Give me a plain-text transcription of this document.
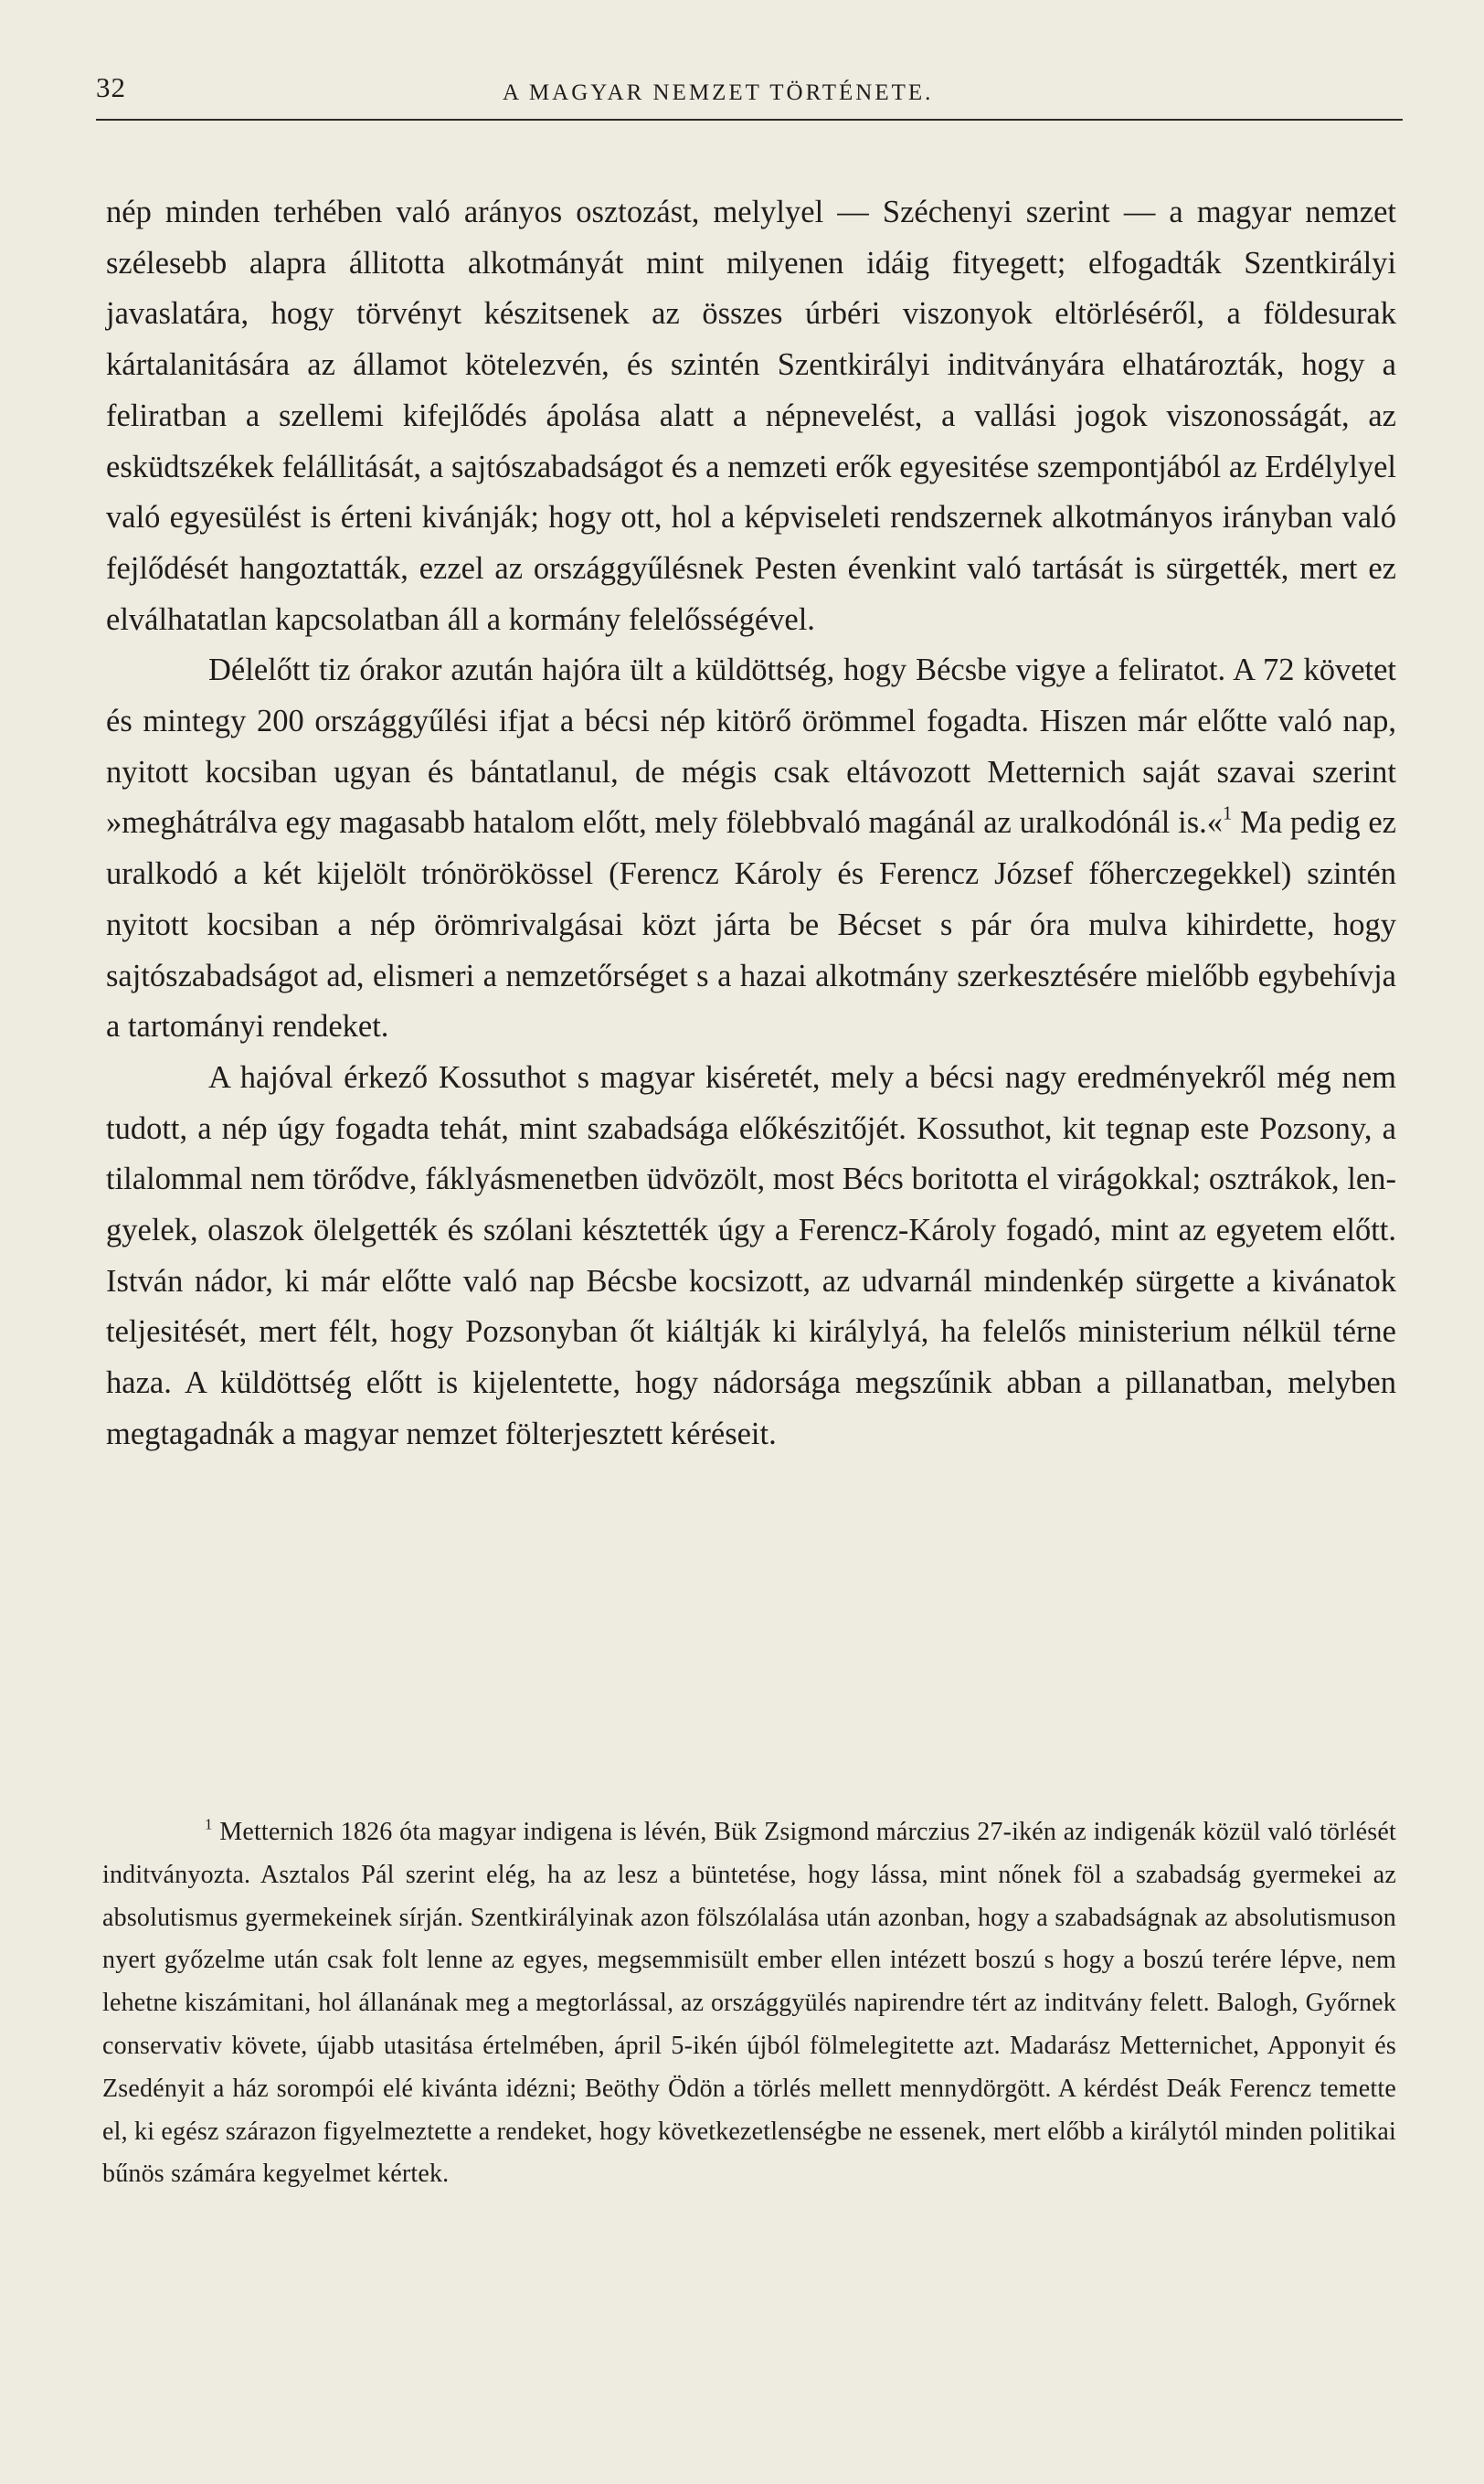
32	A MAGYAR NEMZET TÖRTÉNETE.

nép minden terhében való arányos osztozást, melylyel — Széchenyi szerint — a magyar nemzet szélesebb alapra állitotta alkotmányát mint milyenen idáig fityegett; elfogadták Szentkirályi javaslatára, hogy törvényt készitsenek az összes úrbéri viszonyok eltörléséről, a földesurak kártalanitására az államot kötelezvén, és szintén Szentkirályi inditványára elhatározták, hogy a feliratban a szellemi kifejlődés ápolása alatt a népnevelést, a vallási jogok viszonosságát, az esküdtszékek felállitását, a sajtószabadságot és a nemzeti erők egyesitése szempontjából az Erdélylyel való egyesülést is érteni kivánják; hogy ott, hol a képviseleti rendszernek alkotmányos irányban való fejlődését hangoztatták, ezzel az országgyűlésnek Pesten évenkint való tartását is sürgették, mert ez elválhatatlan kapcsolatban áll a kormány felelősségével.

Délelőtt tiz órakor azután hajóra ült a küldöttség, hogy Bécsbe vigye a feliratot. A 72 követet és mintegy 200 országgyűlési ifjat a bécsi nép kitörő örömmel fogadta. Hiszen már előtte való nap, nyitott kocsiban ugyan és bántatlanul, de mégis csak eltávozott Metternich saját szavai szerint »meghátrálva egy magasabb hatalom előtt, mely fölebbvaló magánál az uralkodónál is.«$^1$ Ma pedig ez uralkodó a két kijelölt trónörökössel (Ferencz Károly és Ferencz József főherczegekkel) szintén nyitott kocsiban a nép örömrivalgásai közt járta be Bécset s pár óra mulva kihirdette, hogy sajtószabadságot ad, elismeri a nemzetőrséget s a hazai alkotmány szerkesztésére mielőbb egybehívja a tartományi rendeket.

A hajóval érkező Kossuthot s magyar kiséretét, mely a bécsi nagy eredményekről még nem tudott, a nép úgy fogadta tehát, mint szabadsága előkészitőjét. Kossuthot, kit tegnap este Pozsony, a tilalommal nem törődve, fáklyásmenetben üdvözölt, most Bécs boritotta el virágokkal; osztrákok, lengyelek, olaszok ölelgették és szólani késztették úgy a Ferencz-Károly fogadó, mint az egyetem előtt. István nádor, ki már előtte való nap Bécsbe kocsizott, az udvarnál mindenkép sürgette a kivánatok teljesitését, mert félt, hogy Pozsonyban őt kiáltják ki királylyá, ha felelős ministerium nélkül térne haza. A küldöttség előtt is kijelentette, hogy nádorsága megszűnik abban a pillanatban, melyben megtagadnák a magyar nemzet fölterjesztett kéréseit.

$^1$ Metternich 1826 óta magyar indigena is lévén, Bük Zsigmond márczius 27-ikén az indigenák közül való törlését inditványozta. Asztalos Pál szerint elég, ha az lesz a büntetése, hogy lássa, mint nőnek föl a szabadság gyermekei az absolutismus gyermekeinek sírján. Szentkirályinak azon fölszólalása után azonban, hogy a szabadságnak az absolutismuson nyert győzelme után csak folt lenne az egyes, megsemmisült ember ellen intézett boszú s hogy a boszú terére lépve, nem lehetne kiszámitani, hol állanának meg a megtorlással, az országgyülés napirendre tért az inditvány felett. Balogh, Győrnek conservativ követe, újabb utasitása értelmében, ápril 5-ikén újból fölmelegitette azt. Madarász Metternichet, Apponyit és Zsedényit a ház sorompói elé kivánta idézni; Beöthy Ödön a törlés mellett mennydörgött. A kérdést Deák Ferencz temette el, ki egész szárazon figyelmeztette a rendeket, hogy következetlenségbe ne essenek, mert előbb a királytól minden politikai bűnös számára kegyelmet kértek.
